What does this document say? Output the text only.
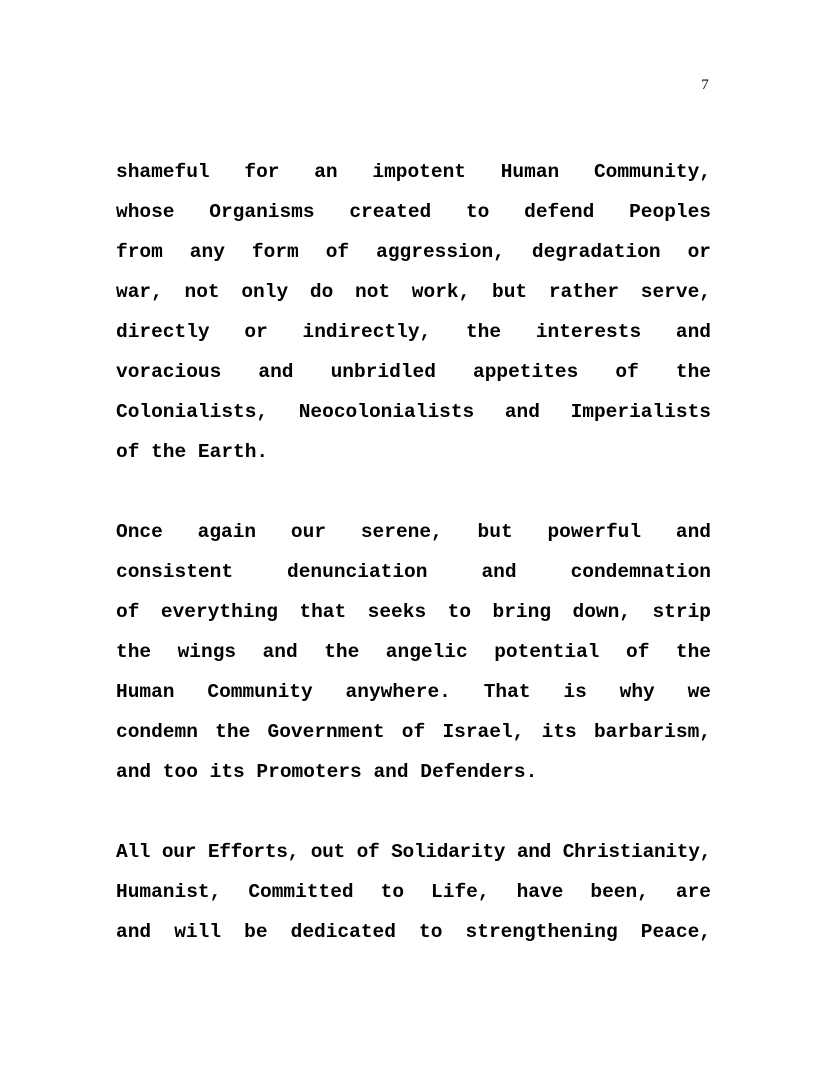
7

shameful for an impotent Human Community,
whose Organisms created to defend Peoples
from any form of aggression, degradation or
war, not only do not work, but rather serve,
directly or indirectly, the interests and
voracious and unbridled appetites of the
Colonialists, Neocolonialists and Imperialists
of the Earth.

Once again our serene, but powerful and
consistent denunciation and condemnation
of everything that seeks to bring down, strip
the wings and the angelic potential of the
Human Community anywhere. That is why we
condemn the Government of Israel, its barbarism,
and too its Promoters and Defenders.

All our Efforts, out of Solidarity and Christianity,
Humanist, Committed to Life, have been, are
and will be dedicated to strengthening Peace,
